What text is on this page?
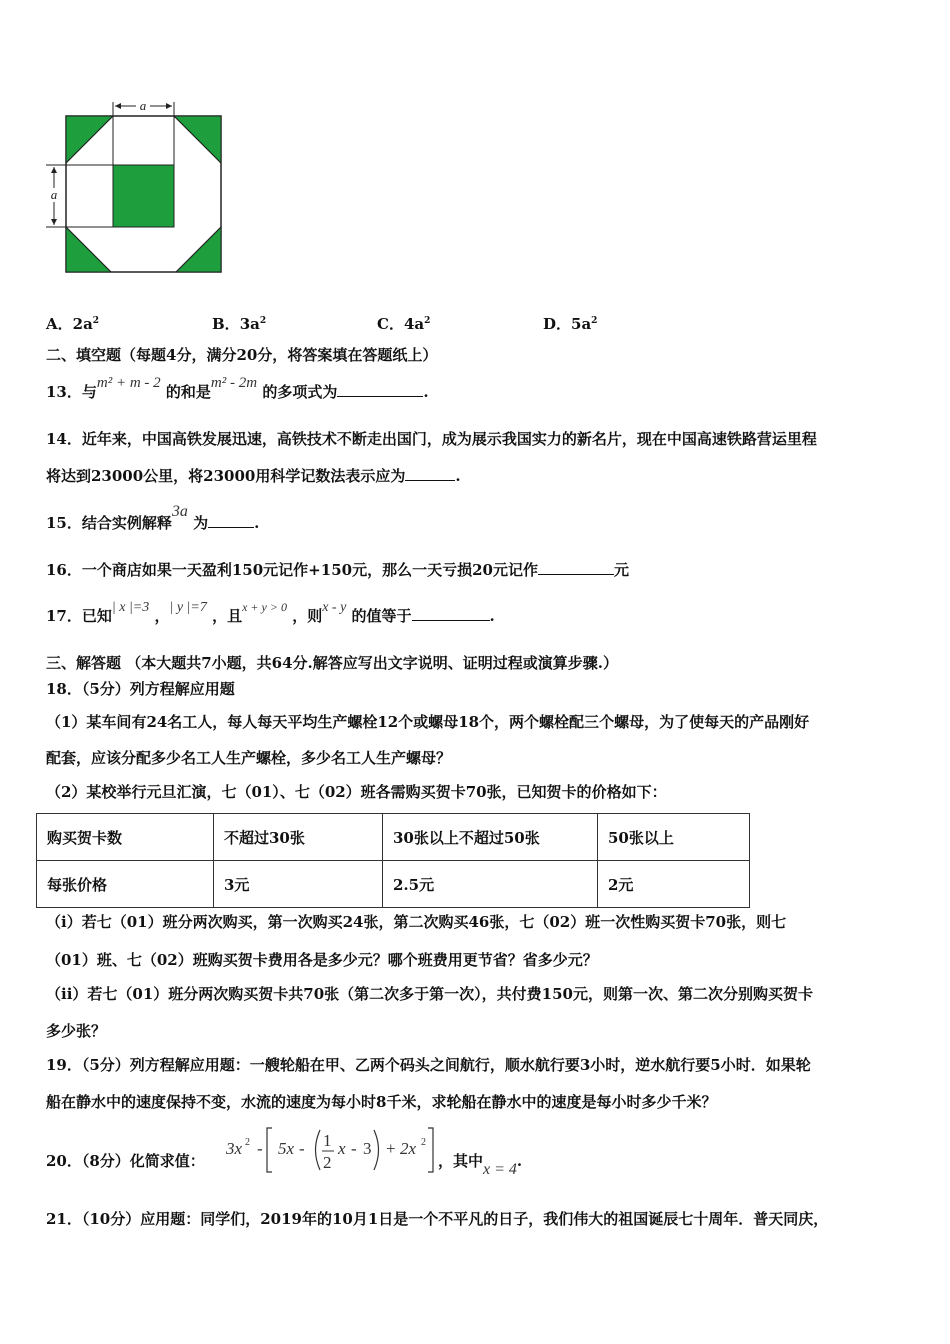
a
a
A．$2a^2$	B．$3a^2$	C．$4a^2$	D．$5a^2$
二、填空题（每题4分，满分20分，将答案填在答题纸上）
13．与m² + m - 2 的和是m² - 2m 的多项式为	.
14．近年来，中国高铁发展迅速，高铁技术不断走出国门，成为展示我国实力的新名片，现在中国高速铁路营运里程
将达到23000公里，将23000用科学记数法表示应为	.
15．结合实例解释3a 为	.
16．一个商店如果一天盈利150元记作+150元，那么一天亏损20元记作	元
17．已知| x |=3 ，| y |=7 ，且$^{x + y > 0}$ ，则x - y 的值等于	.
三、解答题 （本大题共7小题，共64分.解答应写出文字说明、证明过程或演算步骤.）
18．（5分）列方程解应用题
（1）某车间有24名工人，每人每天平均生产螺栓12个或螺母18个，两个螺栓配三个螺母，为了使每天的产品刚好
配套，应该分配多少名工人生产螺栓，多少名工人生产螺母？
（2）某校举行元旦汇演，七（01）、七（02）班各需购买贺卡70张，已知贺卡的价格如下：
购买贺卡数	不超过30张	30张以上不超过50张	50张以上
每张价格	3元	2.5元	2元
（i）若七（01）班分两次购买，第一次购买24张，第二次购买46张，七（02）班一次性购买贺卡70张，则七
（01）班、七（02）班购买贺卡费用各是多少元？哪个班费用更节省？省多少元？
（ii）若七（01）班分两次购买贺卡共70张（第二次多于第一次），共付费150元，则第一次、第二次分别购买贺卡
多少张？
19．（5分）列方程解应用题：一艘轮船在甲、乙两个码头之间航行，顺水航行要3小时，逆水航行要5小时．如果轮
船在静水中的速度保持不变，水流的速度为每小时8千米，求轮船在静水中的速度是每小时多少千米？
20．（8分）化简求值：
3x 2 - 5x - 1
2
x - 3 + 2x 2
，其中x = 4.
21．（10分）应用题：同学们，2019年的10月1日是一个不平凡的日子，我们伟大的祖国诞辰七十周年．普天同庆，
